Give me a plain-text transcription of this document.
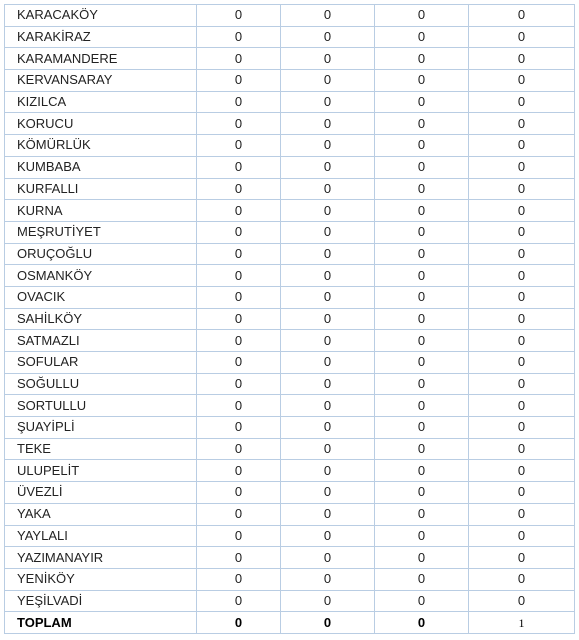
KARACAKÖY	0	0	0	0
KARAKİRAZ	0	0	0	0
KARAMANDERE	0	0	0	0
KERVANSARAY	0	0	0	0
KIZILCA	0	0	0	0
KORUCU	0	0	0	0
KÖMÜRLÜK	0	0	0	0
KUMBABA	0	0	0	0
KURFALLI	0	0	0	0
KURNA	0	0	0	0
MEŞRUTİYET	0	0	0	0
ORUÇOĞLU	0	0	0	0
OSMANKÖY	0	0	0	0
OVACIK	0	0	0	0
SAHİLKÖY	0	0	0	0
SATMAZLI	0	0	0	0
SOFULAR	0	0	0	0
SOĞULLU	0	0	0	0
SORTULLU	0	0	0	0
ŞUAYİPLİ	0	0	0	0
TEKE	0	0	0	0
ULUPELİT	0	0	0	0
ÜVEZLİ	0	0	0	0
YAKA	0	0	0	0
YAYLALI	0	0	0	0
YAZIMANAYIR	0	0	0	0
YENİKÖY	0	0	0	0
YEŞİLVADİ	0	0	0	0
TOPLAM	0	0	0	1
